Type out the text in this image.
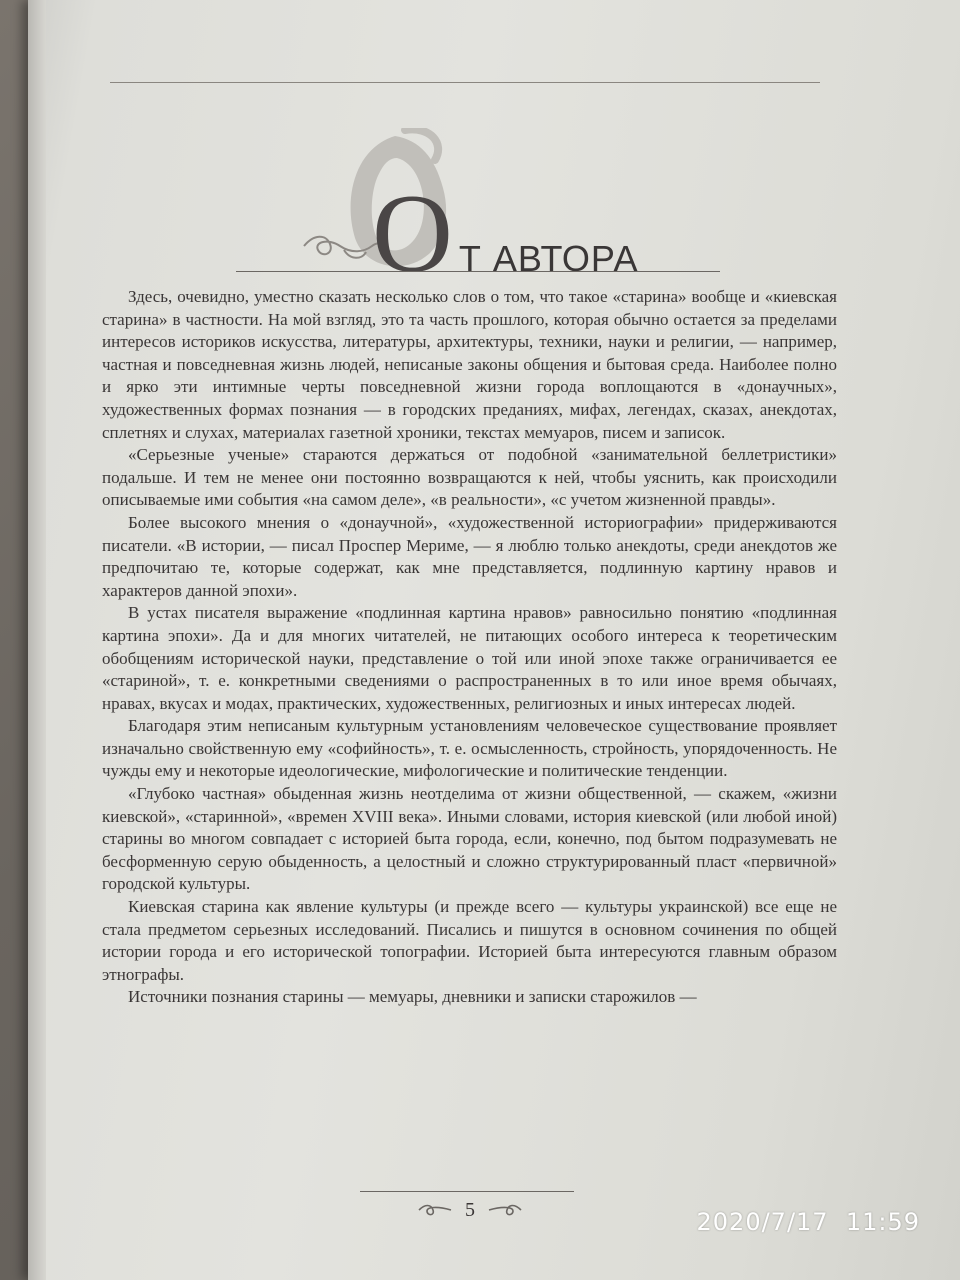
О Т АВТОРА

Здесь, очевидно, уместно сказать несколько слов о том, что такое «старина» вообще и «киевская старина» в частности. На мой взгляд, это та часть прошлого, которая обычно остается за пределами интересов историков искусства, литературы, архитектуры, техники, науки и религии, — например, частная и повседневная жизнь людей, неписаные законы общения и бытовая среда. Наиболее полно и ярко эти интимные черты повседневной жизни города воплощаются в «донаучных», художественных формах познания — в городских преданиях, мифах, легендах, сказах, анекдотах, сплетнях и слухах, материалах газетной хроники, текстах мемуаров, писем и записок.

«Серьезные ученые» стараются держаться от подобной «занимательной беллетристики» подальше. И тем не менее они постоянно возвращаются к ней, чтобы уяснить, как происходили описываемые ими события «на самом деле», «в реальности», «с учетом жизненной правды».

Более высокого мнения о «донаучной», «художественной историографии» придерживаются писатели. «В истории, — писал Проспер Мериме, — я люблю только анекдоты, среди анекдотов же предпочитаю те, которые содержат, как мне представляется, подлинную картину нравов и характеров данной эпохи».

В устах писателя выражение «подлинная картина нравов» равносильно понятию «подлинная картина эпохи». Да и для многих читателей, не питающих особого интереса к теоретическим обобщениям исторической науки, представление о той или иной эпохе также ограничивается ее «стариной», т. е. конкретными сведениями о распространенных в то или иное время обычаях, нравах, вкусах и модах, практических, художественных, религиозных и иных интересах людей.

Благодаря этим неписаным культурным установлениям человеческое существование проявляет изначально свойственную ему «софийность», т. е. осмысленность, стройность, упорядоченность. Не чужды ему и некоторые идеологические, мифологические и политические тенденции.

«Глубоко частная» обыденная жизнь неотделима от жизни общественной, — скажем, «жизни киевской», «старинной», «времен XVIII века». Иными словами, история киевской (или любой иной) старины во многом совпадает с историей быта города, если, конечно, под бытом подразумевать не бесформенную серую обыденность, а целостный и сложно структурированный пласт «первичной» городской культуры.

Киевская старина как явление культуры (и прежде всего — культуры украинской) все еще не стала предметом серьезных исследований. Писались и пишутся в основном сочинения по общей истории города и его исторической топографии. Историей быта интересуются главным образом этнографы.

Источники познания старины — мемуары, дневники и записки старожилов —

5	2020/7/17  11:59
